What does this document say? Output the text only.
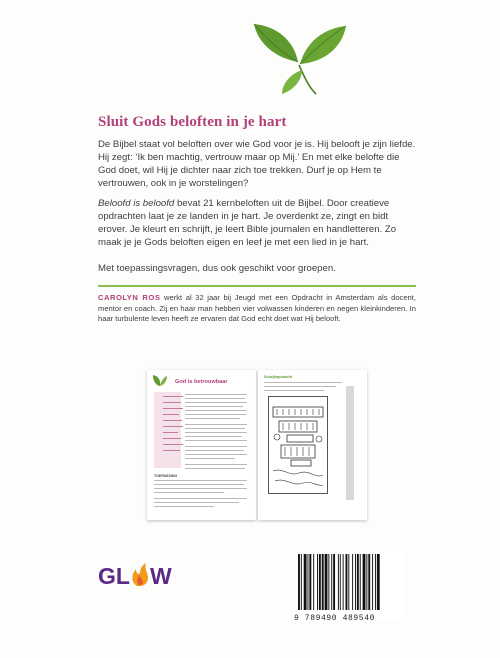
Sluit Gods beloften in je hart

De Bijbel staat vol beloften over wie God voor je is. Hij belooft je zijn liefde. Hij zegt: ‘Ik ben machtig, vertrouw maar op Mij.’ En met elke belofte die God doet, wil Hij je dichter naar zich toe trekken. Durf je op Hem te vertrouwen, ook in je worstelingen?

Beloofd is beloofd bevat 21 kernbeloften uit de Bijbel. Door creatieve opdrachten laat je ze landen in je hart. Je overdenkt ze, zingt en bidt erover. Je kleurt en schrijft, je leert Bible journalen en handletteren. Zo maak je je Gods beloften eigen en leef je met een lied in je hart.

Met toepassingsvragen, dus ook geschikt voor groepen.

CAROLYN ROS werkt al 32 jaar bij Jeugd met een Opdracht in Amsterdam als docent, mentor en coach. Zij en haar man hebben vier volwassen kinderen en negen kleinkinderen. In haar turbulente leven heeft ze ervaren dat God echt doet wat Hij belooft.

God is betrouwbaar
TOEPASSING
Schrijfopdracht
GL W
9 789490 489540
